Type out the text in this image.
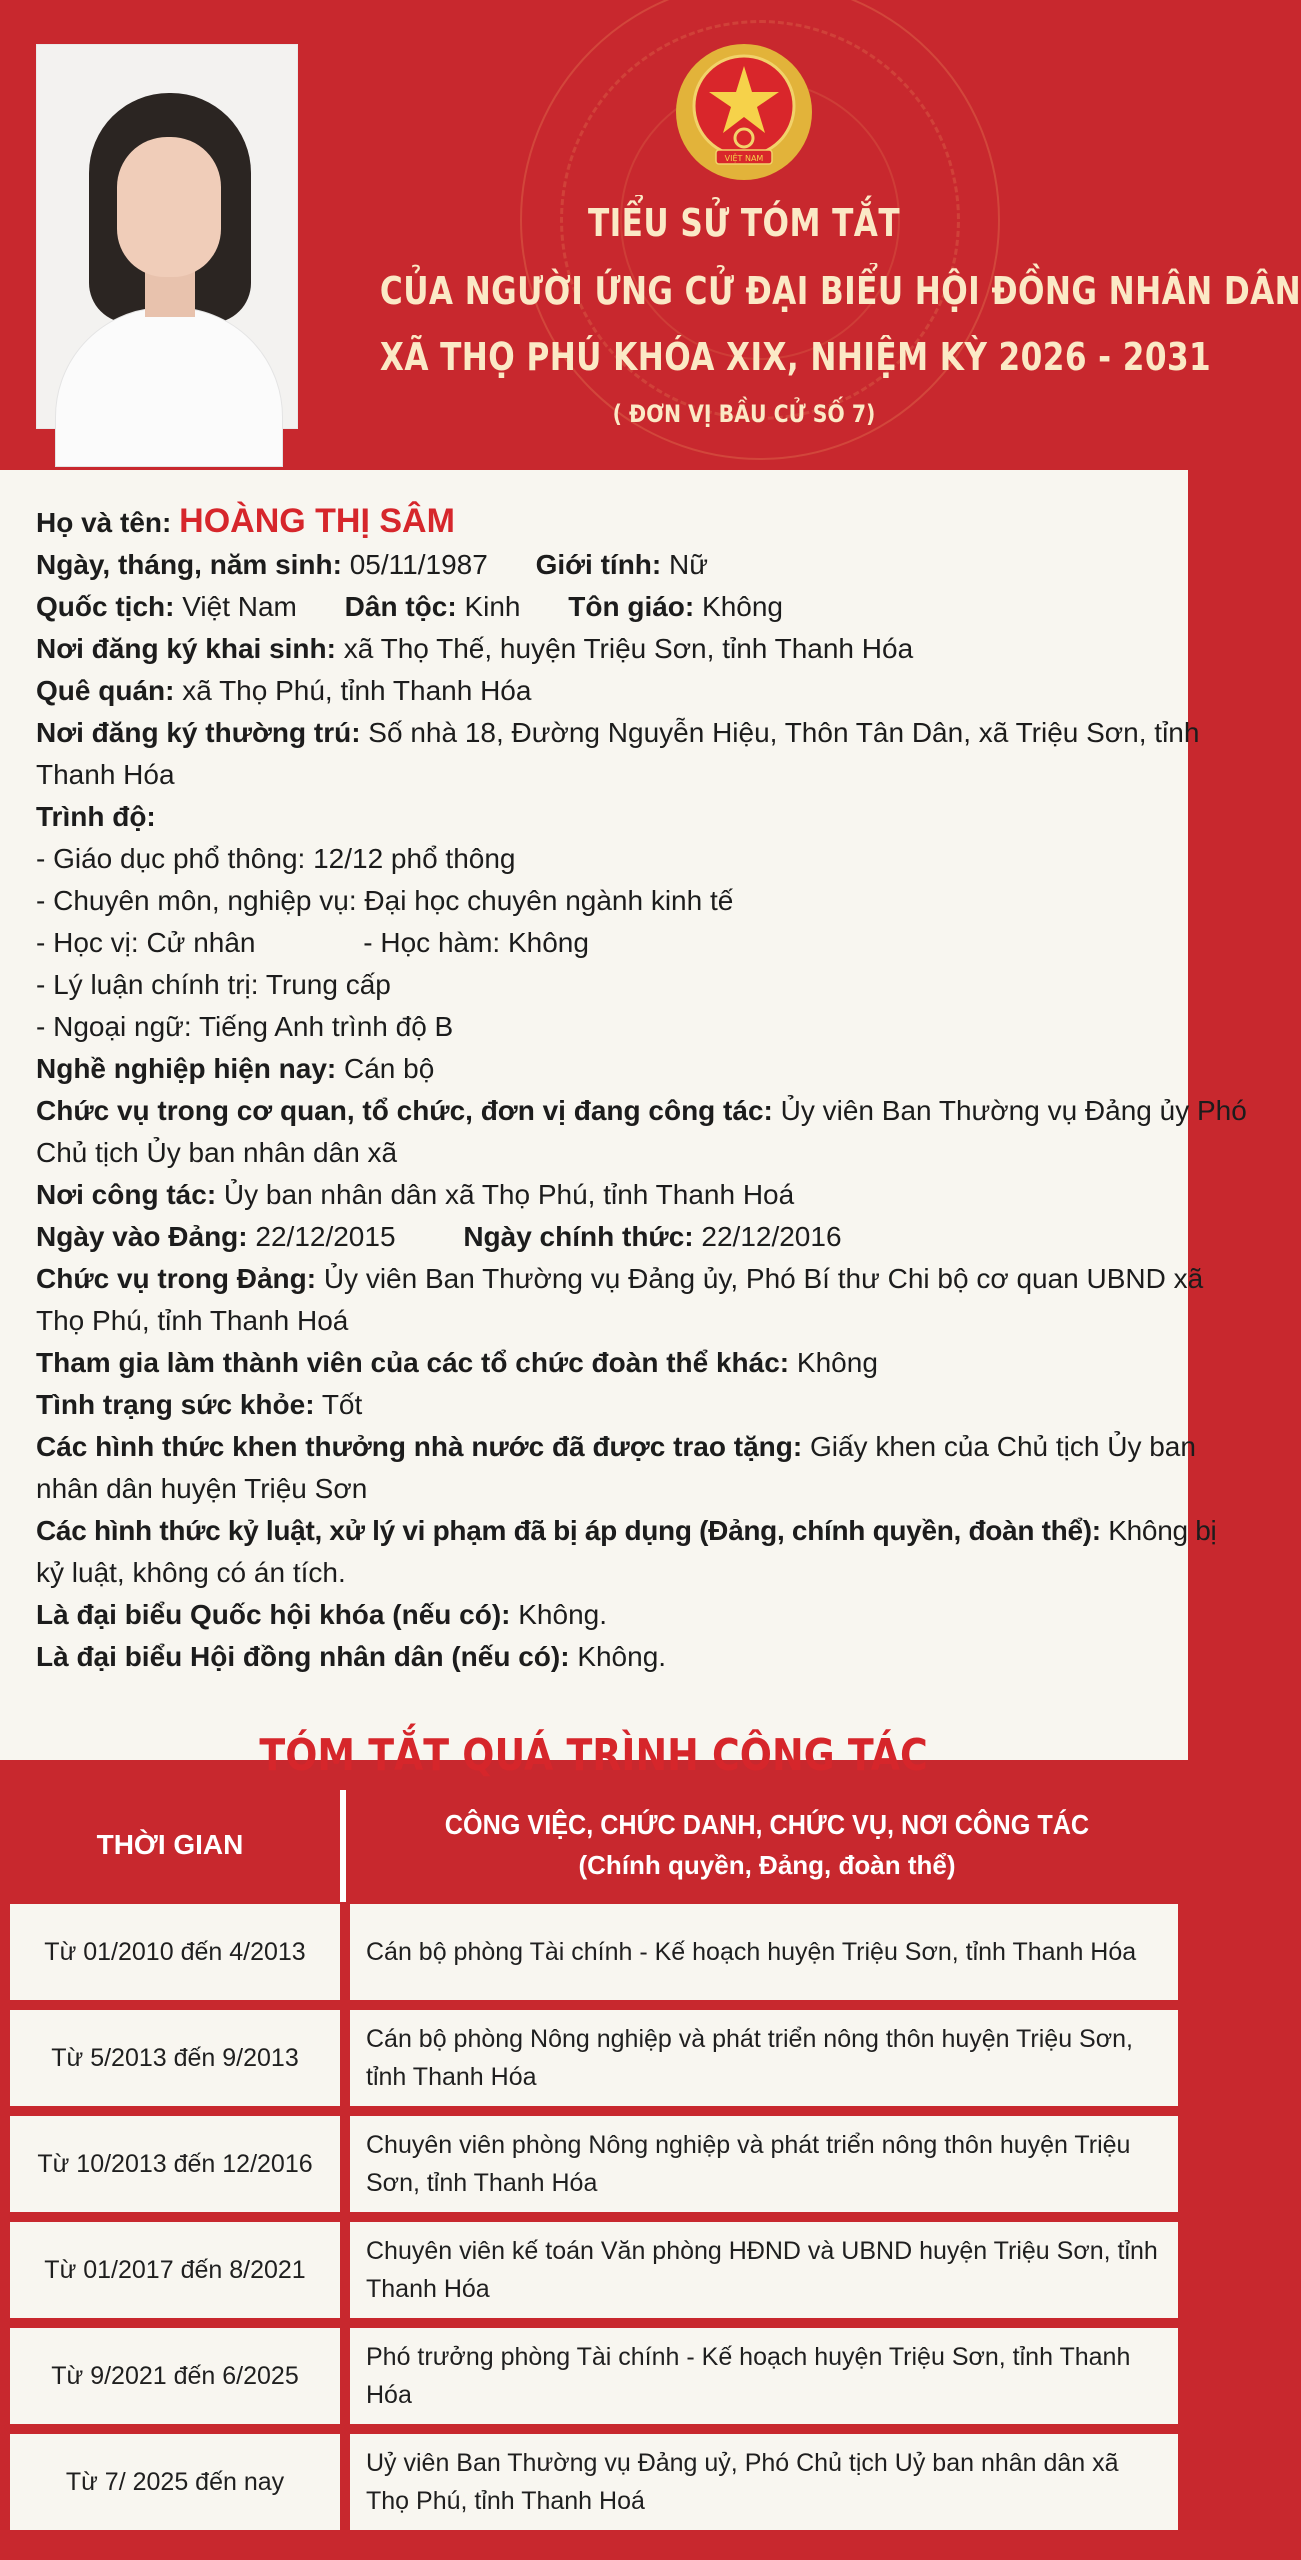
VIỆT NAM
TIỂU SỬ TÓM TẮT
CỦA NGƯỜI ỨNG CỬ ĐẠI BIỂU HỘI ĐỒNG NHÂN DÂN
XÃ THỌ PHÚ KHÓA XIX, NHIỆM KỲ 2026 - 2031
( ĐƠN VỊ BẦU CỬ SỐ 7)
Họ và tên: HOÀNG THỊ SÂM
Ngày, tháng, năm sinh: 05/11/1987 Giới tính: Nữ
Quốc tịch: Việt Nam Dân tộc: Kinh Tôn giáo: Không
Nơi đăng ký khai sinh: xã Thọ Thế, huyện Triệu Sơn, tỉnh Thanh Hóa
Quê quán: xã Thọ Phú, tỉnh Thanh Hóa
Nơi đăng ký thường trú: Số nhà 18, Đường Nguyễn Hiệu, Thôn Tân Dân, xã Triệu Sơn, tỉnh
Thanh Hóa
Trình độ:
- Giáo dục phổ thông: 12/12 phổ thông
- Chuyên môn, nghiệp vụ: Đại học chuyên ngành kinh tế
- Học vị: Cử nhân	- Học hàm: Không
- Lý luận chính trị: Trung cấp
- Ngoại ngữ: Tiếng Anh trình độ B
Nghề nghiệp hiện nay: Cán bộ
Chức vụ trong cơ quan, tổ chức, đơn vị đang công tác: Ủy viên Ban Thường vụ Đảng ủy Phó
Chủ tịch Ủy ban nhân dân xã
Nơi công tác: Ủy ban nhân dân xã Thọ Phú, tỉnh Thanh Hoá
Ngày vào Đảng: 22/12/2015 Ngày chính thức: 22/12/2016
Chức vụ trong Đảng: Ủy viên Ban Thường vụ Đảng ủy, Phó Bí thư Chi bộ cơ quan UBND xã
Thọ Phú, tỉnh Thanh Hoá
Tham gia làm thành viên của các tổ chức đoàn thể khác: Không
Tình trạng sức khỏe: Tốt
Các hình thức khen thưởng nhà nước đã được trao tặng: Giấy khen của Chủ tịch Ủy ban
nhân dân huyện Triệu Sơn
Các hình thức kỷ luật, xử lý vi phạm đã bị áp dụng (Đảng, chính quyền, đoàn thể): Không bị
kỷ luật, không có án tích.
Là đại biểu Quốc hội khóa (nếu có): Không.
Là đại biểu Hội đồng nhân dân (nếu có): Không.
TÓM TẮT QUÁ TRÌNH CÔNG TÁC
THỜI GIAN
CÔNG VIỆC, CHỨC DANH, CHỨC VỤ, NƠI CÔNG TÁC
(Chính quyền, Đảng, đoàn thể)
Từ 01/2010 đến 4/2013	Cán bộ phòng Tài chính - Kế hoạch huyện Triệu Sơn, tỉnh Thanh Hóa
Từ 5/2013 đến 9/2013
Cán bộ phòng Nông nghiệp và phát triển nông thôn huyện Triệu Sơn, tỉnh Thanh Hóa
Từ 10/2013 đến 12/2016
Chuyên viên phòng Nông nghiệp và phát triển nông thôn huyện Triệu Sơn, tỉnh Thanh Hóa
Từ 01/2017 đến 8/2021
Chuyên viên kế toán Văn phòng HĐND và UBND huyện Triệu Sơn, tỉnh Thanh Hóa
Từ 9/2021 đến 6/2025
Phó trưởng phòng Tài chính - Kế hoạch huyện Triệu Sơn, tỉnh Thanh Hóa
Từ 7/ 2025 đến nay
Uỷ viên Ban Thường vụ Đảng uỷ, Phó Chủ tịch Uỷ ban nhân dân xã Thọ Phú, tỉnh Thanh Hoá
